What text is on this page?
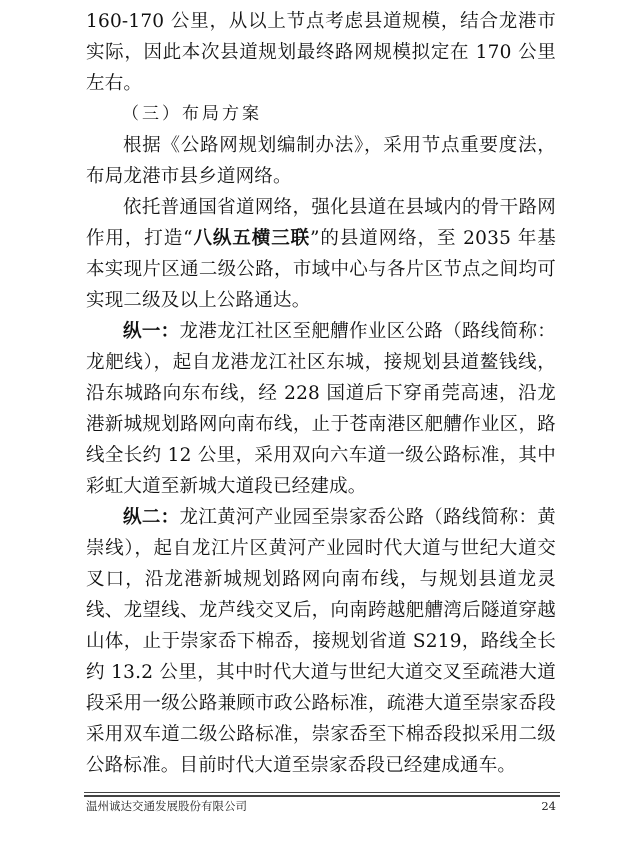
160-170 公里，从以上节点考虑县道规模，结合龙港市实际，因此本次县道规划最终路网规模拟定在 170 公里左右。

（三）布局方案

根据《公路网规划编制办法》，采用节点重要度法，布局龙港市县乡道网络。

依托普通国省道网络，强化县道在县域内的骨干路网作用，打造“八纵五横三联”的县道网络，至 2035 年基本实现片区通二级公路，市域中心与各片区节点之间均可实现二级及以上公路通达。

纵一：龙港龙江社区至舥艚作业区公路（路线简称：龙舥线），起自龙港龙江社区东城，接规划县道鳌钱线，沿东城路向东布线，经 228 国道后下穿甬莞高速，沿龙港新城规划路网向南布线，止于苍南港区舥艚作业区，路线全长约 12 公里，采用双向六车道一级公路标准，其中彩虹大道至新城大道段已经建成。

纵二：龙江黄河产业园至崇家岙公路（路线简称：黄崇线），起自龙江片区黄河产业园时代大道与世纪大道交叉口，沿龙港新城规划路网向南布线，与规划县道龙灵线、龙望线、龙芦线交叉后，向南跨越舥艚湾后隧道穿越山体，止于崇家岙下棉岙，接规划省道 S219，路线全长约 13.2 公里，其中时代大道与世纪大道交叉至疏港大道段采用一级公路兼顾市政公路标准，疏港大道至崇家岙段采用双车道二级公路标准，崇家岙至下棉岙段拟采用二级公路标准。目前时代大道至崇家岙段已经建成通车。

温州诚达交通发展股份有限公司	24
